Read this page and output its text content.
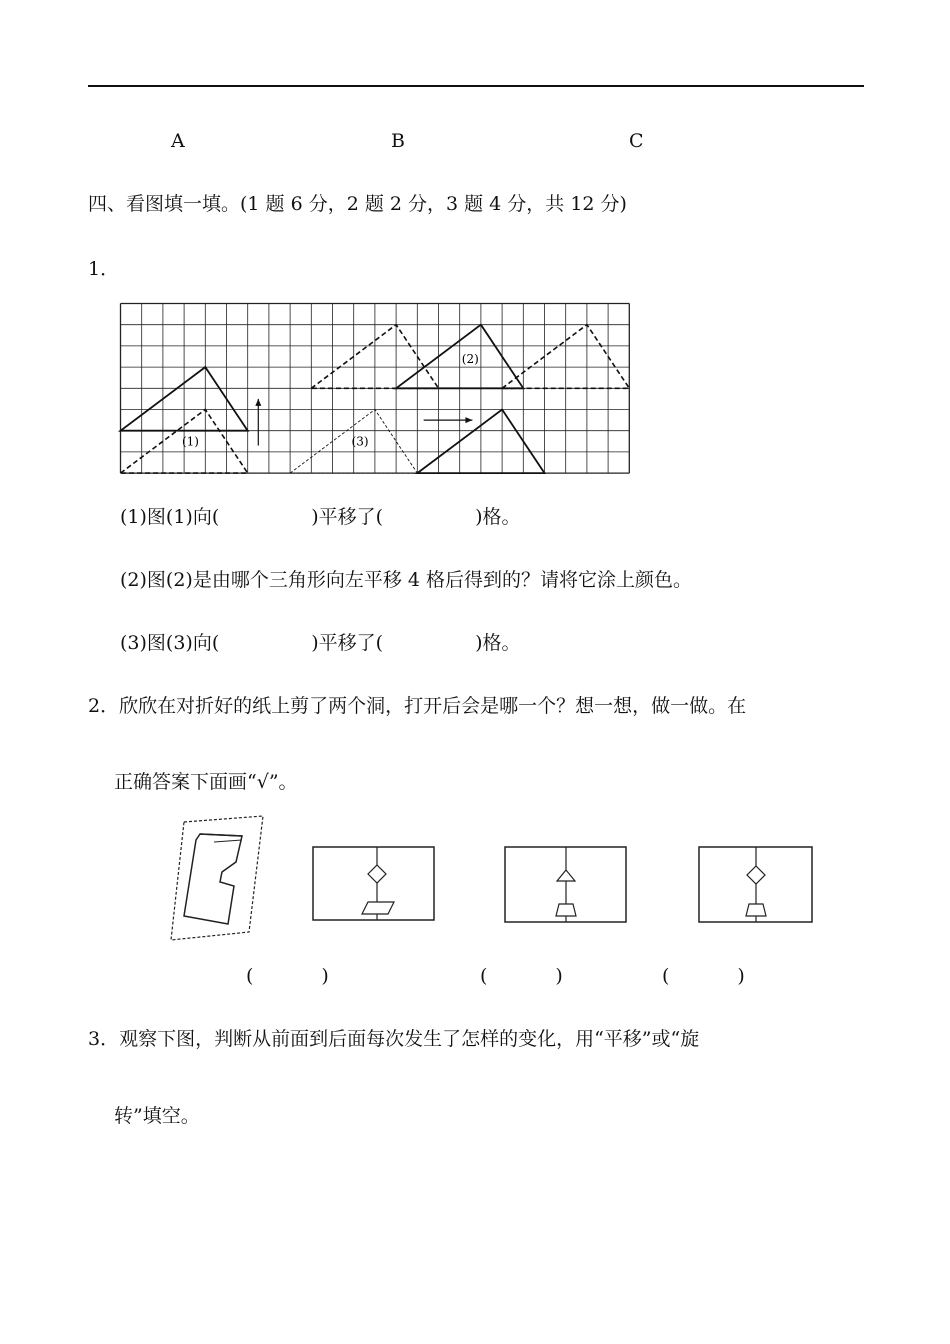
A	B	C
四、看图填一填。(1 题 6 分，2 题 2 分，3 题 4 分，共 12 分)
1．
(1)
(2)
(3)
(1)图(1)向(	)平移了(	)格。
(2)图(2)是由哪个三角形向左平移 4 格后得到的？请将它涂上颜色。
(3)图(3)向(	)平移了(	)格。
2．欣欣在对折好的纸上剪了两个洞，打开后会是哪一个？想一想，做一做。在
正确答案下面画“√”。
(	)	(	)	(	)
3．观察下图，判断从前面到后面每次发生了怎样的变化，用“平移”或“旋
转”填空。
